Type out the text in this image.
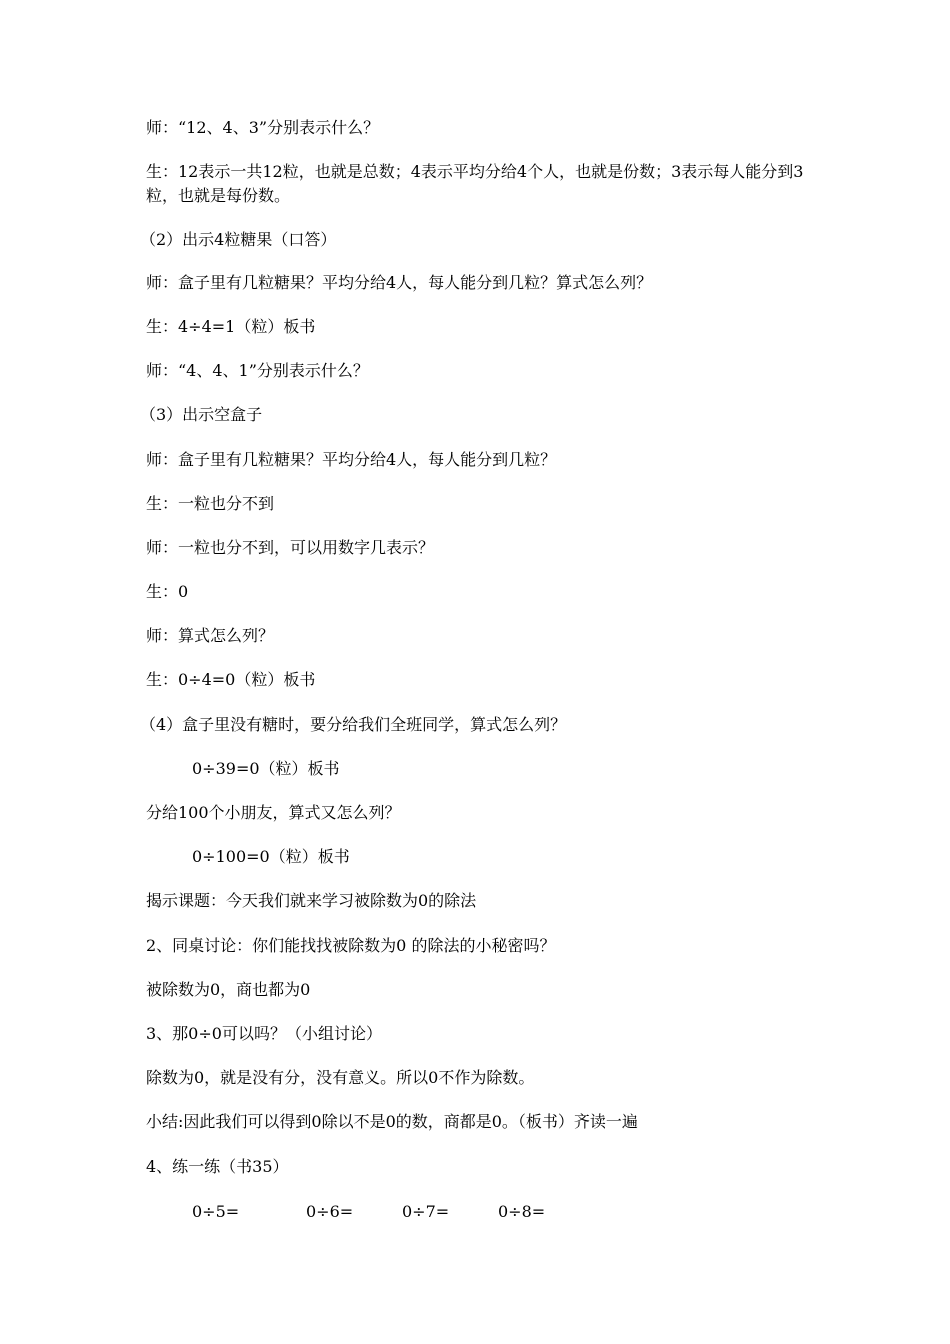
师：“12、4、3”分别表示什么？

生：12表示一共12粒，也就是总数；4表示平均分给4个人，也就是份数；3表示每人能分到3粒，也就是每份数。

（2）出示4粒糖果（口答）

师：盒子里有几粒糖果？平均分给4人，每人能分到几粒？算式怎么列？

生：4÷4=1（粒）板书

师：“4、4、1”分别表示什么？

（3）出示空盒子

师：盒子里有几粒糖果？平均分给4人，每人能分到几粒？

生：一粒也分不到

师：一粒也分不到，可以用数字几表示？

生：0

师：算式怎么列？

生：0÷4=0（粒）板书

（4）盒子里没有糖时，要分给我们全班同学，算式怎么列？

0÷39=0（粒）板书

分给100个小朋友，算式又怎么列？

0÷100=0（粒）板书

揭示课题：今天我们就来学习被除数为0的除法

2、同桌讨论：你们能找找被除数为0 的除法的小秘密吗？

被除数为0，商也都为0

3、那0÷0可以吗？（小组讨论）

除数为0，就是没有分，没有意义。所以0不作为除数。

小结:因此我们可以得到0除以不是0的数，商都是0。（板书）齐读一遍

4、练一练（书35）

0÷5=	0÷6=	0÷7=	0÷8=
